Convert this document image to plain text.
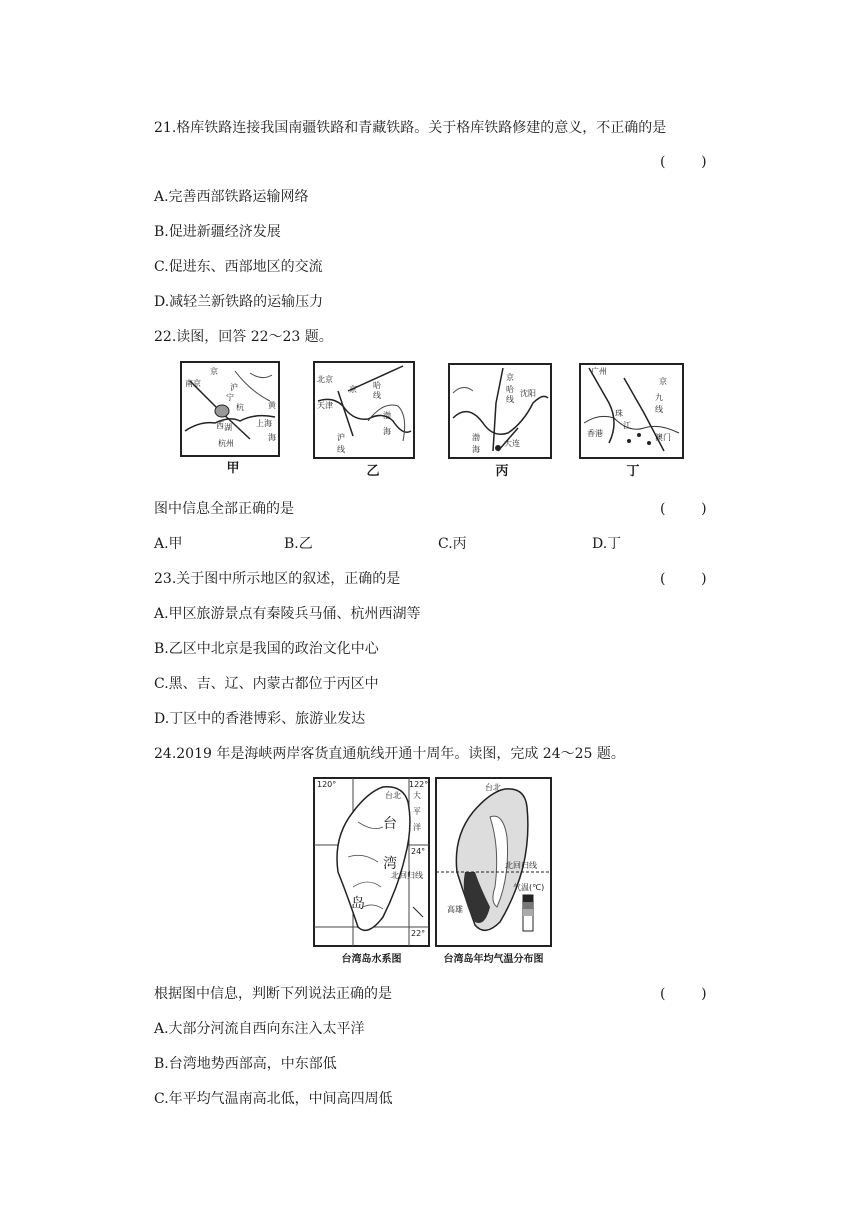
21.格库铁路连接我国南疆铁路和青藏铁路。关于格库铁路修建的意义，不正确的是
(        )
A.完善西部铁路运输网络
B.促进新疆经济发展
C.促进东、西部地区的交流
D.减轻兰新铁路的运输压力
22.读图，回答 22～23 题。
南京	沪
宁
杭
上海
杭州
黄
海
西 湖
京
甲
北京
哈
线
天津
渤
海
京
沪
线
乙
京
哈
线
沈阳
渤
海
大连
丙
广州
京
九
线
珠
江
香港	澳门
丁
图中信息全部正确的是	(        )
A.甲	B.乙	C.丙	D.丁
23.关于图中所示地区的叙述，正确的是	(        )
A.甲区旅游景点有秦陵兵马俑、杭州西湖等
B.乙区中北京是我国的政治文化中心
C.黑、吉、辽、内蒙古都位于丙区中
D.丁区中的香港博彩、旅游业发达
24.2019 年是海峡两岸客货直通航线开通十周年。读图，完成 24～25 题。
120°	122°
台
湾
岛
大
平
洋
24°
22°
台北
北回归线
台湾岛水系图
台北
北回归线
高雄
气温(℃)
台湾岛年均气温分布图
根据图中信息，判断下列说法正确的是	(        )
A.大部分河流自西向东注入太平洋
B.台湾地势西部高，中东部低
C.年平均气温南高北低，中间高四周低
